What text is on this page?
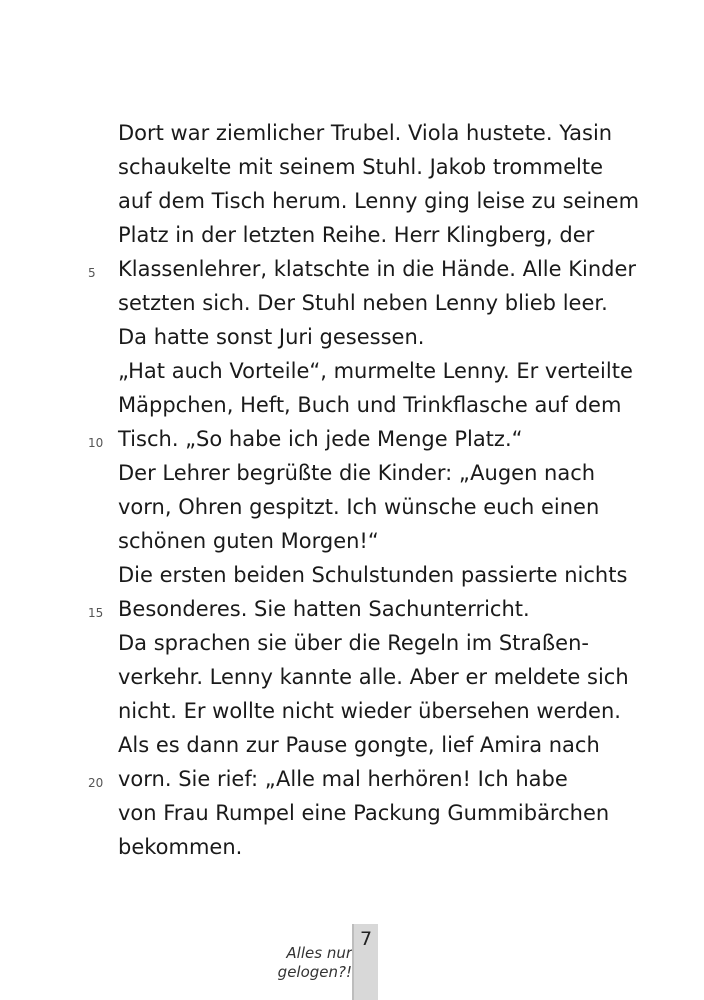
Dort war ziemlicher Trubel. Viola hustete. Yasin
schaukelte mit seinem Stuhl. Jakob trommelte
auf dem Tisch herum. Lenny ging leise zu seinem
Platz in der letzten Reihe. Herr Klingberg, der
5	Klassenlehrer, klatschte in die Hände. Alle Kinder
setzten sich. Der Stuhl neben Lenny blieb leer.
Da hatte sonst Juri gesessen.
„Hat auch Vorteile“, murmelte Lenny. Er verteilte
Mäppchen, Heft, Buch und Trinkflasche auf dem
10 Tisch. „So habe ich jede Menge Platz.“
Der Lehrer begrüßte die Kinder: „Augen nach
vorn, Ohren gespitzt. Ich wünsche euch einen
schönen guten Morgen!“
Die ersten beiden Schulstunden passierte nichts
15 Besonderes. Sie hatten Sachunterricht.
Da sprachen sie über die Regeln im Straßen-
verkehr. Lenny kannte alle. Aber er meldete sich
nicht. Er wollte nicht wieder übersehen werden.
Als es dann zur Pause gongte, lief Amira nach
20 vorn. Sie rief: „Alle mal herhören! Ich habe
von Frau Rumpel eine Packung Gummibärchen
bekommen.
Alles nur
gelogen?!
7
